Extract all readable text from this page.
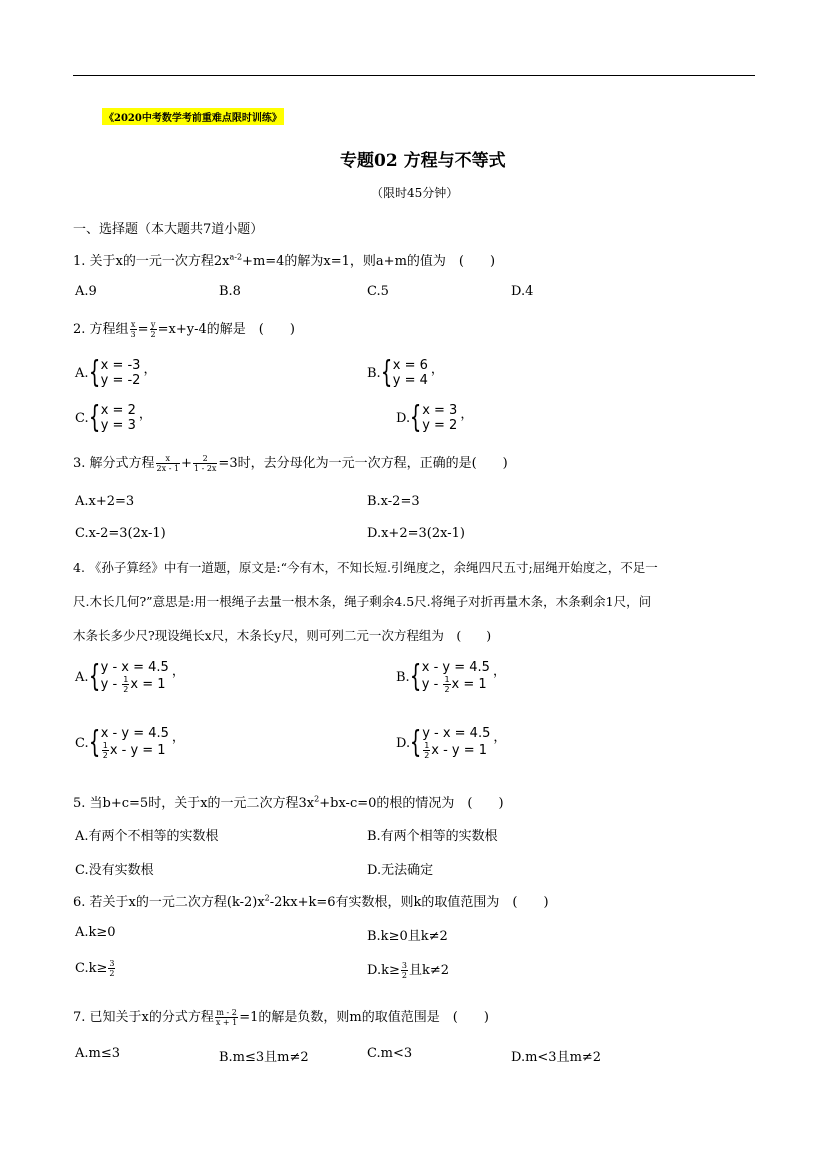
《2020中考数学考前重难点限时训练》
专题02 方程与不等式
（限时45分钟）
一、选择题（本大题共7道小题）
1. 关于x的一元一次方程$2x^{a-2}+m=4$的解为x=1，则a+m的值为　(　　)
A.9	B.8	C.5	D.4
2. 方程组 $\frac{x}{3} = \frac{y}{2} =x+y-4$的解是　(　　)
A. { x = -3
y = -2
，	B. { x = 6
y = 4
，
C. { x = 2
y = 3
，	D. { x = 3
y = 2
，
3. 解分式方程 $\frac{x}{2x - 1} + \frac{2}{1 - 2x} =3$时，去分母化为一元一次方程，正确的是(　　)
A.x+2=3	B.x-2=3
C.x-2=3(2x-1)	D.x+2=3(2x-1)
4. 《孙子算经》中有一道题，原文是:“今有木，不知长短.引绳度之，余绳四尺五寸;屈绳开始度之，不足一
尺.木长几何?”意思是:用一根绳子去量一根木条，绳子剩余4.5尺.将绳子对折再量木条，木条剩余1尺，问
木条长多少尺?现设绳长x尺，木条长y尺，则可列二元一次方程组为　(　　)
A. { y - x = 4.5
y - $\frac{1}{2}$ x = 1
，	B. { x - y = 4.5
y - $\frac{1}{2}$ x = 1
，
C. { x - y = 4.5
$\frac{1}{2}$ x - y = 1
，	D. { y - x = 4.5
$\frac{1}{2}$ x - y = 1
，
5. 当b+c=5时，关于x的一元二次方程$3x^2+bx-c=0$的根的情况为　(　　)
A.有两个不相等的实数根	B.有两个相等的实数根
C.没有实数根	D.无法确定
6. 若关于x的一元二次方程$(k-2)x^2-2kx+k=6$有实数根，则k的取值范围为　(　　)
A.k≥0	B.k≥0且k≠2
$C.k\ge \frac{3}{2}$	$D.k\ge \frac{3}{2}$ 且k≠2
7. 已知关于x的分式方程 $\frac{m - 2}{x + 1} =1$的解是负数，则m的取值范围是　(　　)
A.m≤3	B.m≤3且m≠2	C.m<3	D.m<3且m≠2
